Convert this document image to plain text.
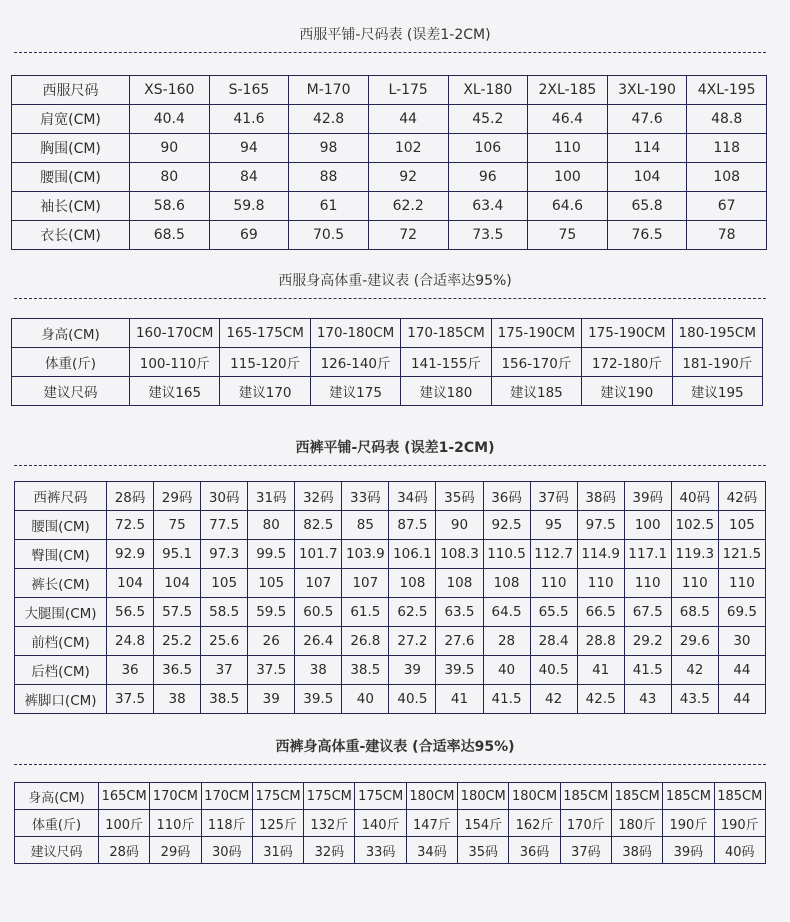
西服平铺-尺码表 (误差1-2CM)
西服尺码	XS-160	S-165	M-170	L-175	XL-180	2XL-185	3XL-190	4XL-195
肩宽(CM)	40.4	41.6	42.8	44	45.2	46.4	47.6	48.8
胸围(CM)	90	94	98	102	106	110	114	118
腰围(CM)	80	84	88	92	96	100	104	108
袖长(CM)	58.6	59.8	61	62.2	63.4	64.6	65.8	67
衣长(CM)	68.5	69	70.5	72	73.5	75	76.5	78
西服身高体重-建议表 (合适率达95%)
身高(CM)	160-170CM	165-175CM	170-180CM	170-185CM	175-190CM	175-190CM	180-195CM
体重(斤)	100-110斤	115-120斤	126-140斤	141-155斤	156-170斤	172-180斤	181-190斤
建议尺码	建议165	建议170	建议175	建议180	建议185	建议190	建议195
西裤平铺-尺码表 (误差1-2CM)
西裤尺码	28码	29码	30码	31码	32码	33码	34码	35码	36码	37码	38码	39码	40码	42码
腰围(CM)	72.5	75	77.5	80	82.5	85	87.5	90	92.5	95	97.5	100	102.5	105
臀围(CM)	92.9	95.1	97.3	99.5	101.7	103.9	106.1	108.3	110.5	112.7	114.9	117.1	119.3	121.5
裤长(CM)	104	104	105	105	107	107	108	108	108	110	110	110	110	110
大腿围(CM)	56.5	57.5	58.5	59.5	60.5	61.5	62.5	63.5	64.5	65.5	66.5	67.5	68.5	69.5
前档(CM)	24.8	25.2	25.6	26	26.4	26.8	27.2	27.6	28	28.4	28.8	29.2	29.6	30
后档(CM)	36	36.5	37	37.5	38	38.5	39	39.5	40	40.5	41	41.5	42	44
裤脚口(CM)	37.5	38	38.5	39	39.5	40	40.5	41	41.5	42	42.5	43	43.5	44
西裤身高体重-建议表 (合适率达95%)
身高(CM)	165CM	170CM	170CM	175CM	175CM	175CM	180CM	180CM	180CM	185CM	185CM	185CM	185CM
体重(斤)	100斤	110斤	118斤	125斤	132斤	140斤	147斤	154斤	162斤	170斤	180斤	190斤	190斤
建议尺码	28码	29码	30码	31码	32码	33码	34码	35码	36码	37码	38码	39码	40码
